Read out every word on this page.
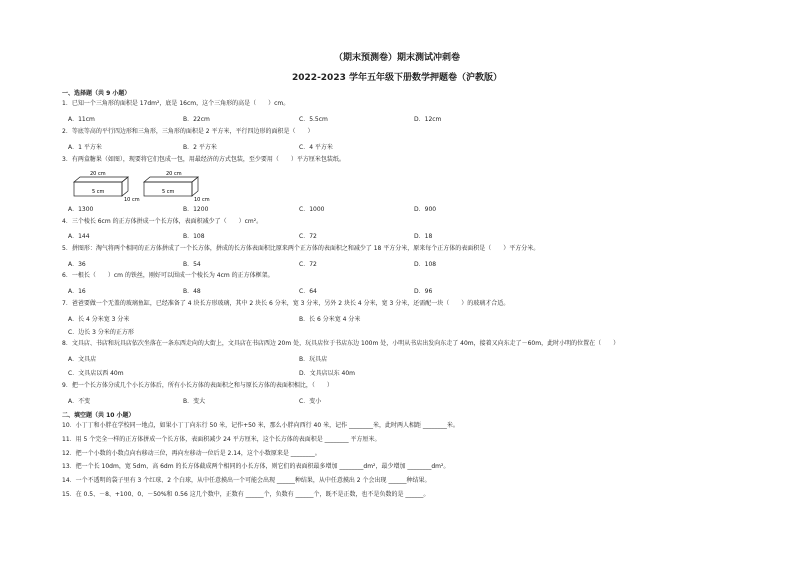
（期末预测卷）期末测试冲刺卷
2022-2023 学年五年级下册数学押题卷（沪教版）
一、选择题（共 9 小题）
1．已知一个三角形的面积是 17dm²，底是 16cm，这个三角形的高是（　　）cm。
A．11cm	B．22cm	C．5.5cm	D．12cm
2．等底等高的平行四边形和三角形，三角形的面积是 2 平方米，平行四边形的面积是（　　）
A．1 平方米	B．2 平方米	C．4 平方米
3．有两盒糖果（如图），现要将它们包成一包，用最经济的方式包装，至少要用（　　）平方厘米包装纸。
20 cm
5 cm
10 cm
20 cm
5 cm
10 cm
A．1300	B．1200	C．1000	D．900
4．三个棱长 6cm 的正方体拼成一个长方体，表面积减少了（　　）cm²。
A．144	B．108	C．72	D．18
5．拼图形：淘气将两个相同的正方体拼成了一个长方体，拼成的长方体表面积比原来两个正方体的表面积之和减少了 18 平方分米，原来每个正方体的表面积是（　　）平方分米。
A．36	B．54	C．72	D．108
6．一根长（　　）cm 的铁丝，刚好可以围成一个棱长为 4cm 的正方体框架。
A．16	B．48	C．64	D．96
7．爸爸要做一个无盖的玻璃鱼缸，已经准备了 4 块长方形玻璃，其中 2 块长 6 分米，宽 3 分米，另外 2 块长 4 分米，宽 3 分米，还需配一块（　　）的玻璃才合适。
A．长 4 分米宽 3 分米	B．长 6 分米宽 4 分米
C．边长 3 分米的正方形
8．文具店、书店和玩具店依次坐落在一条东西走向的大街上，文具店在书店西边 20m 处，玩具店位于书店东边 100m 处，小明从书店出发向东走了 40m，接着又向东走了－60m，此时小明的位置在（　　）
A．文具店	B．玩具店
C．文具店以西 40m	D．文具店以东 40m
9．把一个长方体分成几个小长方体后，所有小长方体的表面积之和与原长方体的表面积相比，（　　）
A．不变	B．变大	C．变小
二、填空题（共 10 小题）
10．小丁丁和小胖在学校同一地点，如果小丁丁向东行 50 米，记作+50 米，那么小胖向西行 40 米，记作 ________米，此时两人相距 ________米。
11．用 5 个完全一样的正方体拼成一个长方体，表面积减少 24 平方厘米，这个长方体的表面积是 ________ 平方厘米。
12．把一个小数的小数点向右移动三位，再向左移动一位后是 2.14，这个小数原来是 ________。
13．把一个长 10dm，宽 5dm，高 6dm 的长方体截成两个相同的小长方体，则它们的表面积最多增加 ________dm²，最少增加 ________dm²。
14．一个不透明的袋子里有 3 个红球、2 个白球，从中任意摸出一个可能会出现 ______种结果，从中任意摸出 2 个会出现 ______种结果。
15．在 0.5、－8、+100、0、－50%和 0.56 这几个数中，正数有 ______个，负数有 ______个，既不是正数，也不是负数的是 ______。
